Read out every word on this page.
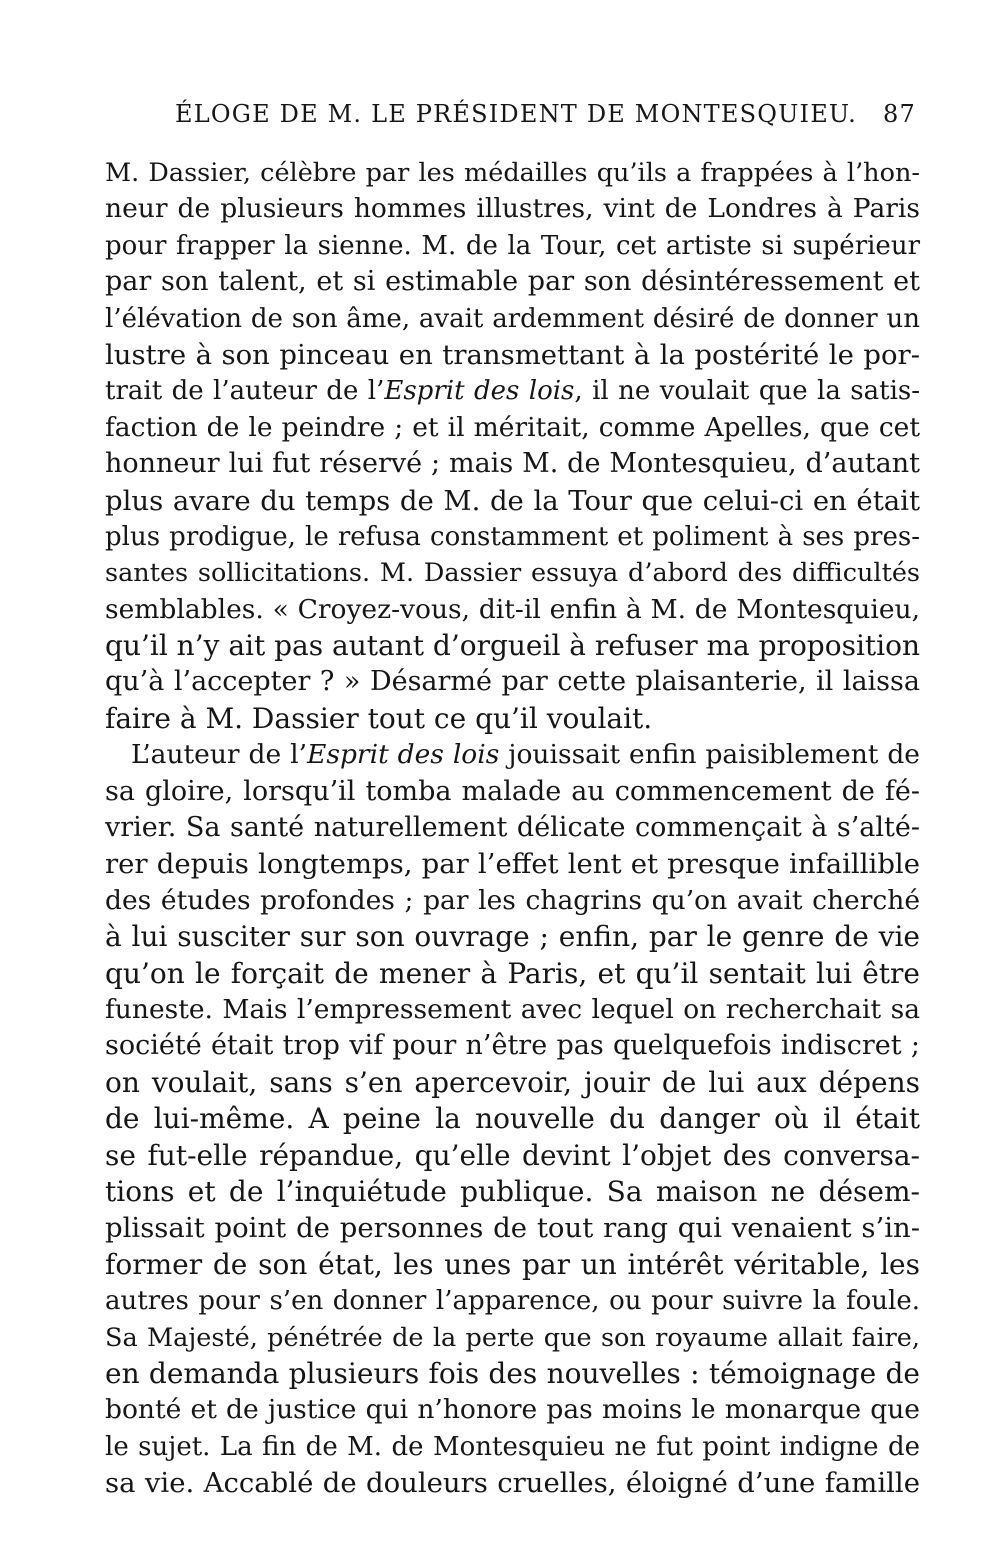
ÉLOGE DE M. LE PRÉSIDENT DE MONTESQUIEU. 87
M. Dassier, célèbre par les médailles qu’ils a frappées à l’hon-
neur de plusieurs hommes illustres, vint de Londres à Paris
pour frapper la sienne. M. de la Tour, cet artiste si supérieur
par son talent, et si estimable par son désintéressement et
l’élévation de son âme, avait ardemment désiré de donner un
lustre à son pinceau en transmettant à la postérité le por-
trait de l’auteur de l’Esprit des lois, il ne voulait que la satis-
faction de le peindre ; et il méritait, comme Apelles, que cet
honneur lui fut réservé ; mais M. de Montesquieu, d’autant
plus avare du temps de M. de la Tour que celui-ci en était
plus prodigue, le refusa constamment et poliment à ses pres-
santes sollicitations. M. Dassier essuya d’abord des difficultés
semblables. « Croyez-vous, dit-il enfin à M. de Montesquieu,
qu’il n’y ait pas autant d’orgueil à refuser ma proposition
qu’à l’accepter ? » Désarmé par cette plaisanterie, il laissa
faire à M. Dassier tout ce qu’il voulait.
L’auteur de l’Esprit des lois jouissait enfin paisiblement de
sa gloire, lorsqu’il tomba malade au commencement de fé-
vrier. Sa santé naturellement délicate commençait à s’alté-
rer depuis longtemps, par l’effet lent et presque infaillible
des études profondes ; par les chagrins qu’on avait cherché
à lui susciter sur son ouvrage ; enfin, par le genre de vie
qu’on le forçait de mener à Paris, et qu’il sentait lui être
funeste. Mais l’empressement avec lequel on recherchait sa
société était trop vif pour n’être pas quelquefois indiscret ;
on voulait, sans s’en apercevoir, jouir de lui aux dépens
de lui-même. A peine la nouvelle du danger où il était
se fut-elle répandue, qu’elle devint l’objet des conversa-
tions et de l’inquiétude publique. Sa maison ne désem-
plissait point de personnes de tout rang qui venaient s’in-
former de son état, les unes par un intérêt véritable, les
autres pour s’en donner l’apparence, ou pour suivre la foule.
Sa Majesté, pénétrée de la perte que son royaume allait faire,
en demanda plusieurs fois des nouvelles : témoignage de
bonté et de justice qui n’honore pas moins le monarque que
le sujet. La fin de M. de Montesquieu ne fut point indigne de
sa vie. Accablé de douleurs cruelles, éloigné d’une famille
